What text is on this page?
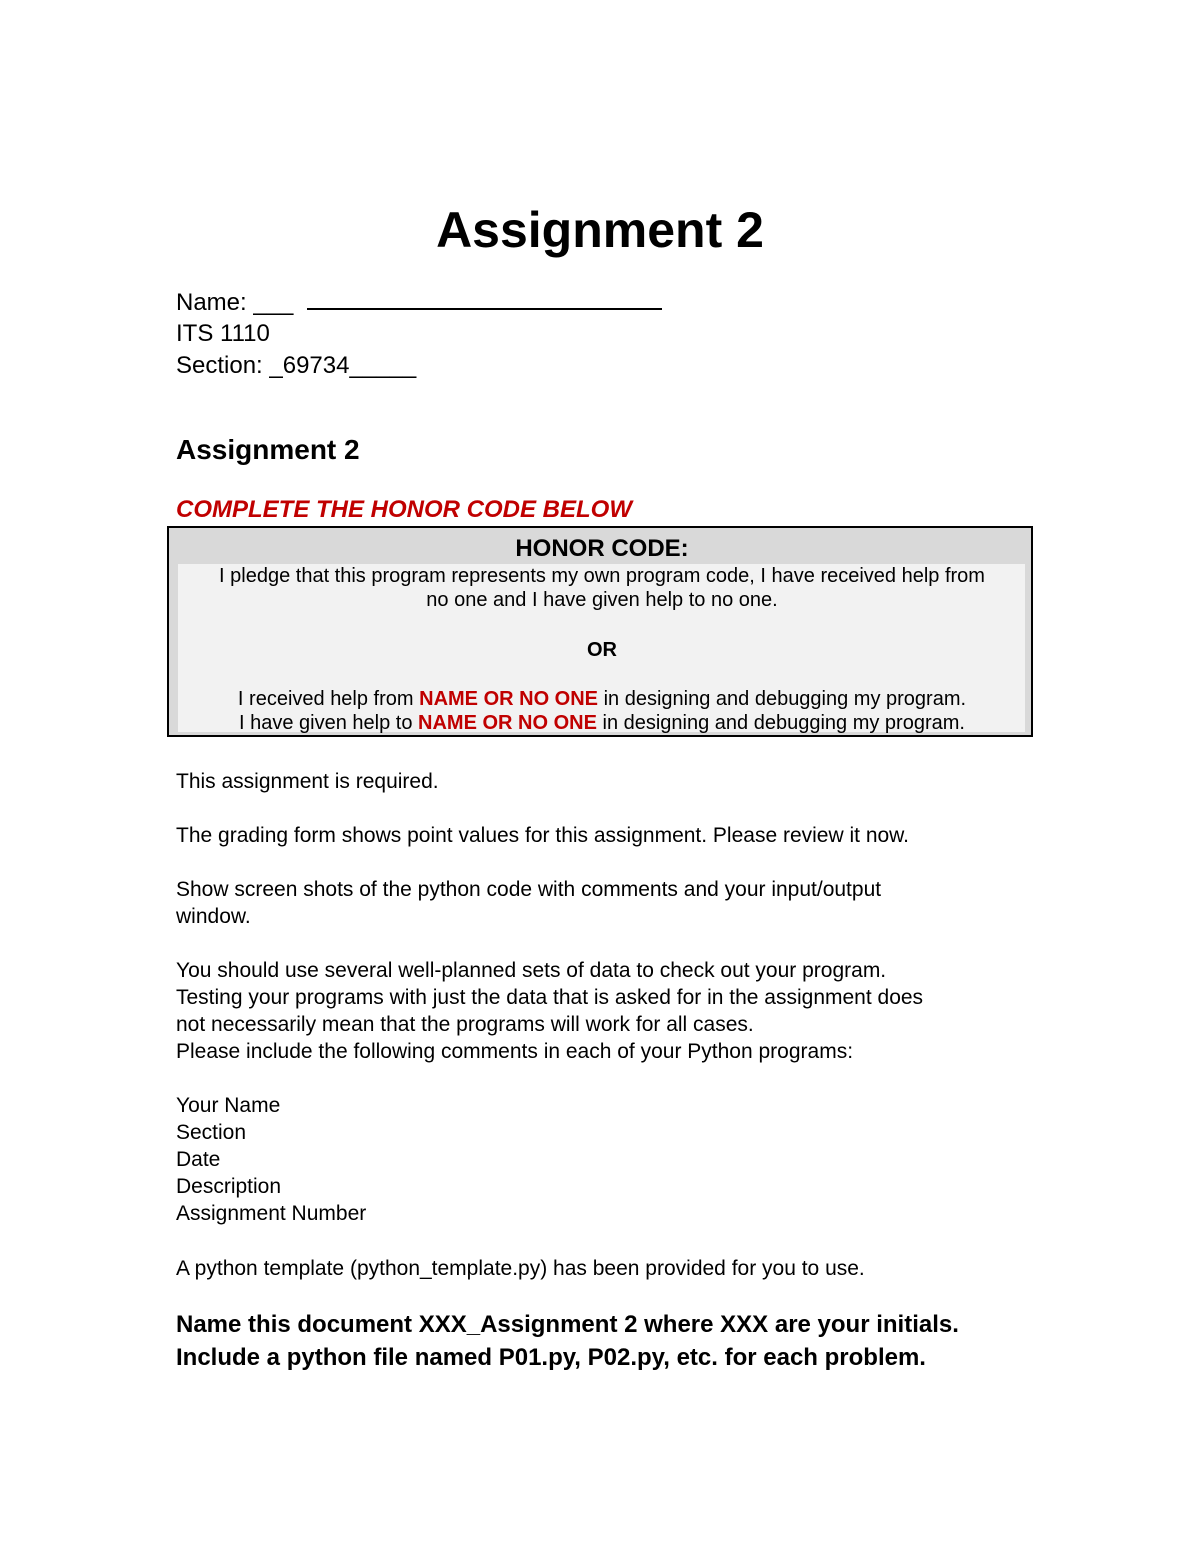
Assignment 2
Name: ___
ITS 1110
Section: _69734_____
Assignment 2
COMPLETE THE HONOR CODE BELOW
HONOR CODE:
I pledge that this program represents my own program code, I have received help from
no one and I have given help to no one.
OR
I received help from NAME OR NO ONE in designing and debugging my program.
I have given help to NAME OR NO ONE in designing and debugging my program.
This assignment is required.
The grading form shows point values for this assignment. Please review it now.
Show screen shots of the python code with comments and your input/output
window.
You should use several well-planned sets of data to check out your program.
Testing your programs with just the data that is asked for in the assignment does
not necessarily mean that the programs will work for all cases.
Please include the following comments in each of your Python programs:
Your Name
Section
Date
Description
Assignment Number
A python template (python_template.py) has been provided for you to use.
Name this document XXX_Assignment 2 where XXX are your initials.
Include a python file named P01.py, P02.py, etc. for each problem.
